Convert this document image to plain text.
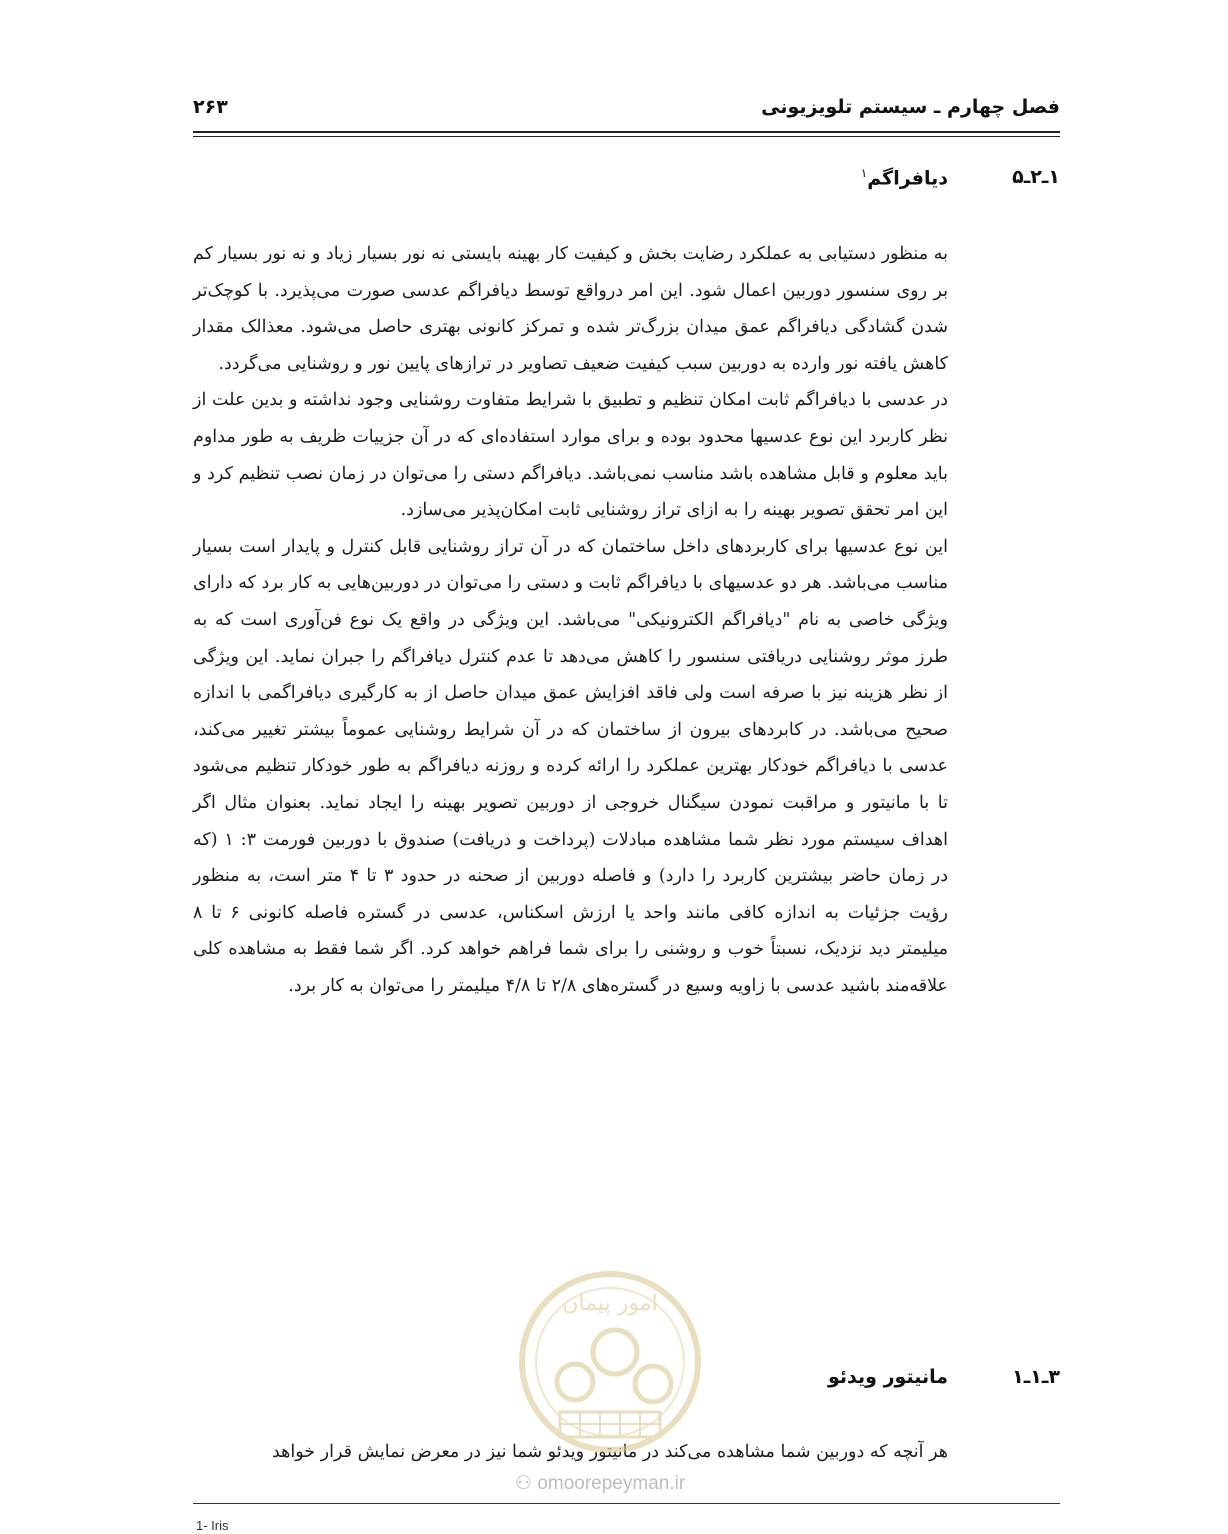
فصل چهارم ـ سیستم تلویزیونی
۲۶۳
۱ـ۲ـ۵
دیافراگم$^۱$

به منظور دستیابی به عملکرد رضایت بخش و کیفیت کار بهینه بایستی نه نور بسیار زیاد و نه نور بسیار کم بر روی سنسور دوربین اعمال شود. این امر درواقع توسط دیافراگم عدسی صورت می‌پذیرد. با کوچک‌تر شدن گشادگی دیافراگم عمق میدان بزرگ‌تر شده و تمرکز کانونی بهتری حاصل می‌شود. معذالک مقدار کاهش یافته نور وارده به دوربین سبب کیفیت ضعیف تصاویر در ترازهای پایین نور و روشنایی می‌گردد.

در عدسی با دیافراگم ثابت امکان تنظیم و تطبیق با شرایط متفاوت روشنایی وجود نداشته و بدین علت از نظر کاربرد این نوع عدسیها محدود بوده و برای موارد استفاده‌ای که در آن جزییات ظریف به طور مداوم باید معلوم و قابل مشاهده باشد مناسب نمی‌باشد. دیافراگم دستی را می‌توان در زمان نصب تنظیم کرد و این امر تحقق تصویر بهینه را به ازای تراز روشنایی ثابت امکان‌پذیر می‌سازد.

این نوع عدسیها برای کاربردهای داخل ساختمان که در آن تراز روشنایی قابل کنترل و پایدار است بسیار مناسب می‌باشد. هر دو عدسیهای با دیافراگم ثابت و دستی را می‌توان در دوربین‌هایی به کار برد که دارای ویژگی خاصی به نام "دیافراگم الکترونیکی" می‌باشد. این ویژگی در واقع یک نوع فن‌آوری است که به طرز موثر روشنایی دریافتی سنسور را کاهش می‌دهد تا عدم کنترل دیافراگم را جبران نماید. این ویژگی از نظر هزینه نیز با صرفه است ولی فاقد افزایش عمق میدان حاصل از به کارگیری دیافراگمی با اندازه صحیح می‌باشد. در کابردهای بیرون از ساختمان که در آن شرایط روشنایی عموماً بیشتر تغییر می‌کند، عدسی با دیافراگم خودکار بهترین عملکرد را ارائه کرده و روزنه دیافراگم به طور خودکار تنظیم می‌شود تا با مانیتور و مراقبت نمودن سیگنال خروجی از دوربین تصویر بهینه را ایجاد نماید. بعنوان مثال اگر اهداف سیستم مورد نظر شما مشاهده مبادلات (پرداخت و دریافت) صندوق با دوربین فورمت ۳: ۱ (که در زمان حاضر بیشترین کاربرد را دارد) و فاصله دوربین از صحنه در حدود ۳ تا ۴ متر است، به منظور رؤیت جزئیات به اندازه کافی مانند واحد یا ارزش اسکناس، عدسی در گستره فاصله کانونی ۶ تا ۸ میلیمتر دید نزدیک، نسبتاً خوب و روشنی را برای شما فراهم خواهد کرد. اگر شما فقط به مشاهده کلی علاقه‌مند باشید عدسی با زاویه وسیع در گستره‌های ۲/۸ تا ۴/۸ میلیمتر را می‌توان به کار برد.

۳ـ۱ـ۱
مانیتور ویدئو

هر آنچه که دوربین شما مشاهده می‌کند در مانیتور ویدئو شما نیز در معرض نمایش قرار خواهد

امور پیمان
⚇ omoorepeyman.ir
1- Iris
